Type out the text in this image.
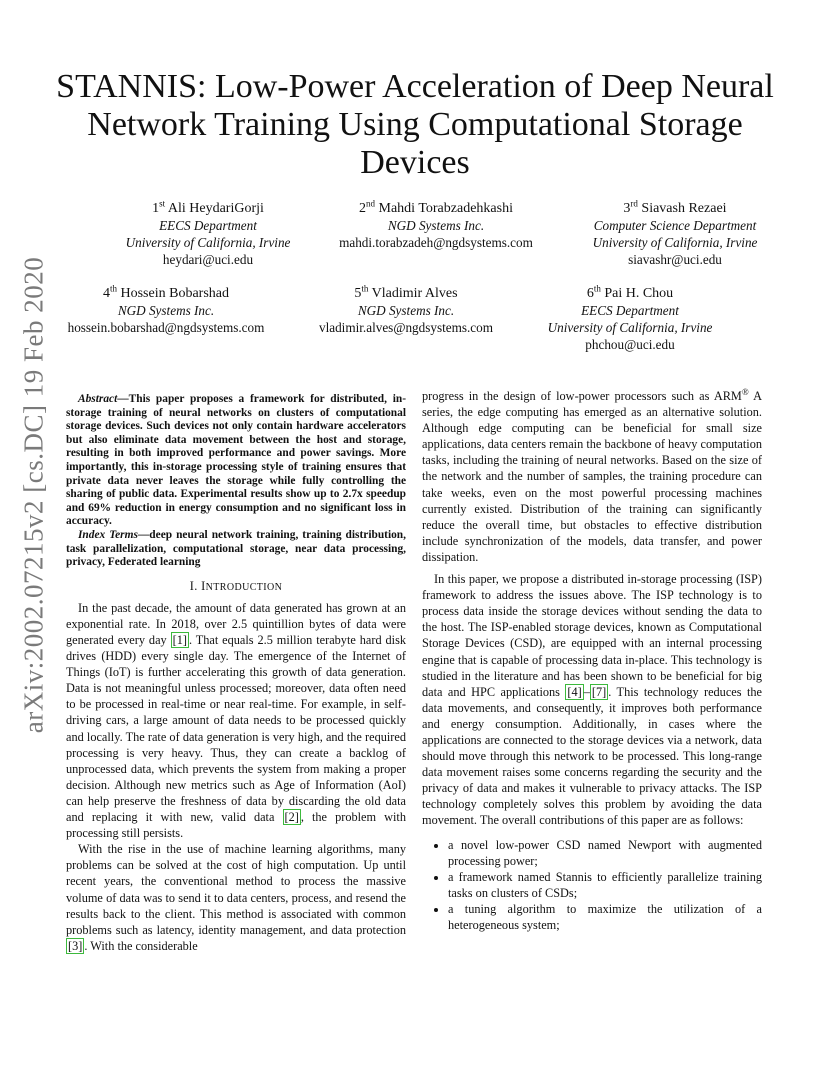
arXiv:2002.07215v2 [cs.DC] 19 Feb 2020
STANNIS: Low-Power Acceleration of Deep Neural Network Training Using Computational Storage Devices
1st Ali HeydariGorji
EECS Department
University of California, Irvine
heydari@uci.edu
2nd Mahdi Torabzadehkashi
NGD Systems Inc.
mahdi.torabzadeh@ngdsystems.com
3rd Siavash Rezaei
Computer Science Department
University of California, Irvine
siavashr@uci.edu
4th Hossein Bobarshad
NGD Systems Inc.
hossein.bobarshad@ngdsystems.com
5th Vladimir Alves
NGD Systems Inc.
vladimir.alves@ngdsystems.com
6th Pai H. Chou
EECS Department
University of California, Irvine
phchou@uci.edu

Abstract—This paper proposes a framework for distributed, in-storage training of neural networks on clusters of computational storage devices. Such devices not only contain hardware accelerators but also eliminate data movement between the host and storage, resulting in both improved performance and power savings. More importantly, this in-storage processing style of training ensures that private data never leaves the storage while fully controlling the sharing of public data. Experimental results show up to 2.7x speedup and 69% reduction in energy consumption and no significant loss in accuracy.

Index Terms—deep neural network training, training distribution, task parallelization, computational storage, near data processing, privacy, Federated learning

I. INTRODUCTION

In the past decade, the amount of data generated has grown at an exponential rate. In 2018, over 2.5 quintillion bytes of data were generated every day [1] . That equals 2.5 million terabyte hard disk drives (HDD) every single day. The emergence of the Internet of Things (IoT) is further accelerating this growth of data generation. Data is not meaningful unless processed; moreover, data often need to be processed in real-time or near real-time. For example, in self-driving cars, a large amount of data needs to be processed quickly and locally. The rate of data generation is very high, and the required processing is very heavy. Thus, they can create a backlog of unprocessed data, which prevents the system from making a proper decision. Although new metrics such as Age of Information (AoI) can help preserve the freshness of data by discarding the old data and replacing it with new, valid data [2] , the problem with processing still persists.

With the rise in the use of machine learning algorithms, many problems can be solved at the cost of high computation. Up until recent years, the conventional method to process the massive volume of data was to send it to data centers, process, and resend the results back to the client. This method is associated with common problems such as latency, identity management, and data protection [3] . With the considerable

progress in the design of low-power processors such as ARM® A series, the edge computing has emerged as an alternative solution. Although edge computing can be beneficial for small size applications, data centers remain the backbone of heavy computation tasks, including the training of neural networks. Based on the size of the network and the number of samples, the training procedure can take weeks, even on the most powerful processing machines currently existed. Distribution of the training can significantly reduce the overall time, but obstacles to effective distribution include synchronization of the models, data transfer, and power dissipation.

In this paper, we propose a distributed in-storage processing (ISP) framework to address the issues above. The ISP technology is to process data inside the storage devices without sending the data to the host. The ISP-enabled storage devices, known as Computational Storage Devices (CSD), are equipped with an internal processing engine that is capable of processing data in-place. This technology is studied in the literature and has been shown to be beneficial for big data and HPC applications [4] – [7] . This technology reduces the data movements, and consequently, it improves both performance and energy consumption. Additionally, in cases where the applications are connected to the storage devices via a network, data should move through this network to be processed. This long-range data movement raises some concerns regarding the security and the privacy of data and makes it vulnerable to privacy attacks. The ISP technology completely solves this problem by avoiding the data movement. The overall contributions of this paper are as follows:

• a novel low-power CSD named Newport with augmented processing power;
• a framework named Stannis to efficiently parallelize training tasks on clusters of CSDs;
• a tuning algorithm to maximize the utilization of a heterogeneous system;
